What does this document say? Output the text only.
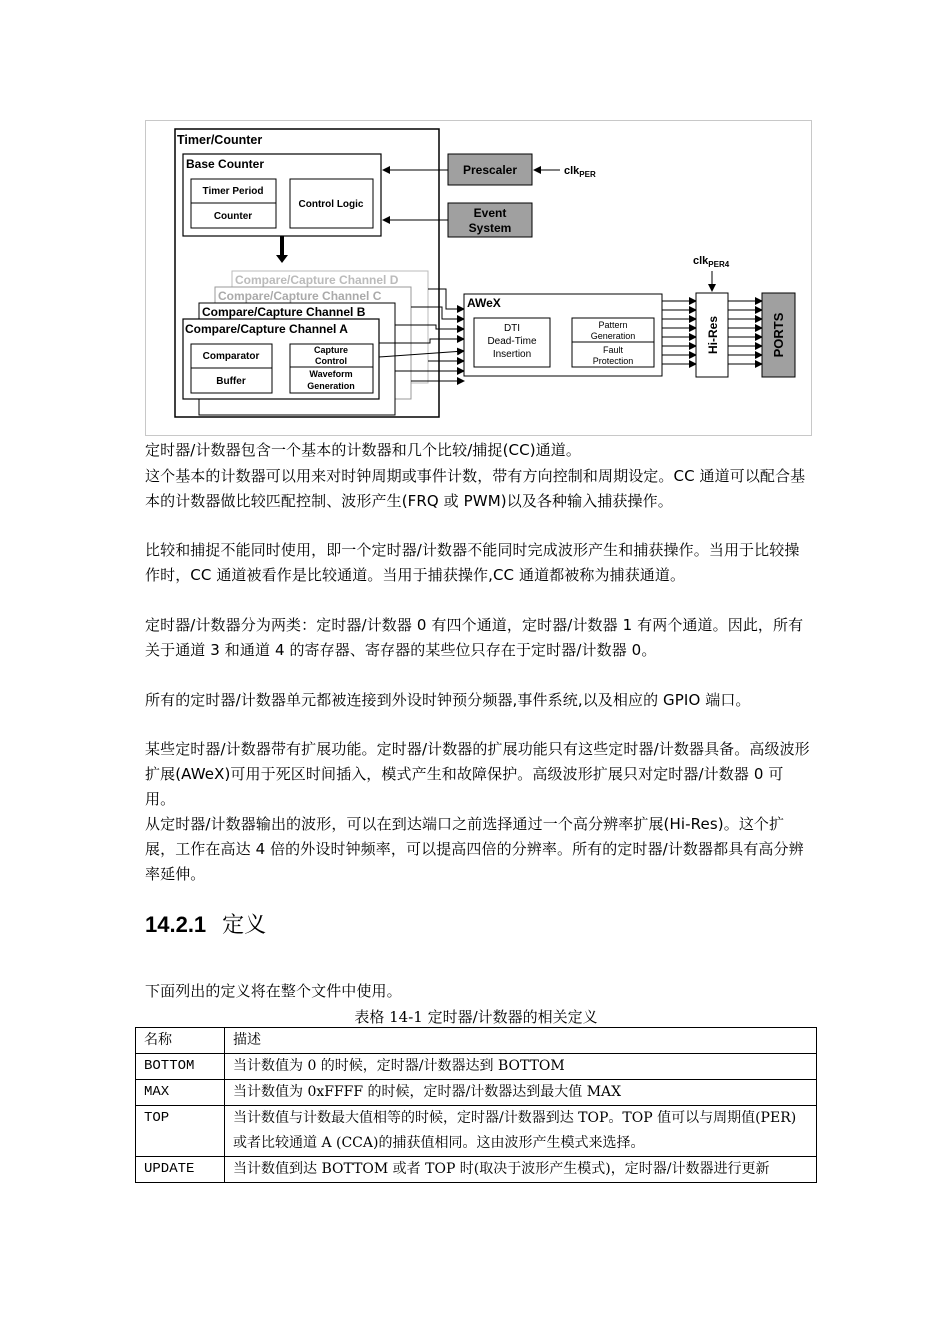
Timer/Counter
Base Counter
Timer Period
Counter
Control Logic
Prescaler	clk$_{PER}$
Event
System
Compare/Capture Channel D
Compare/Capture Channel C
Compare/Capture Channel B
Compare/Capture Channel A
Comparator
Buffer
Capture
Control
Waveform
Generation
AWeX
DTI
Dead-Time
Insertion
Pattern
Generation
Fault
Protection
clk$_{PER4}$
Hi-Res	PORTS
定时器/计数器包含一个基本的计数器和几个比较/捕捉(CC)通道。
这个基本的计数器可以用来对时钟周期或事件计数，带有方向控制和周期设定。CC 通道可以配合基本的计数器做比较匹配控制、波形产生(FRQ 或 PWM)以及各种输入捕获操作。
比较和捕捉不能同时使用，即一个定时器/计数器不能同时完成波形产生和捕获操作。当用于比较操作时，CC 通道被看作是比较通道。当用于捕获操作,CC 通道都被称为捕获通道。
定时器/计数器分为两类：定时器/计数器 0 有四个通道，定时器/计数器 1 有两个通道。因此，所有关于通道 3 和通道 4 的寄存器、寄存器的某些位只存在于定时器/计数器 0。
所有的定时器/计数器单元都被连接到外设时钟预分频器,事件系统,以及相应的 GPIO 端口。
某些定时器/计数器带有扩展功能。定时器/计数器的扩展功能只有这些定时器/计数器具备。高级波形扩展(AWeX)可用于死区时间插入，模式产生和故障保护。高级波形扩展只对定时器/计数器 0 可用。
从定时器/计数器输出的波形，可以在到达端口之前选择通过一个高分辨率扩展(Hi-Res)。这个扩展，工作在高达 4 倍的外设时钟频率，可以提高四倍的分辨率。所有的定时器/计数器都具有高分辨率延伸。
14.2.1 定义
下面列出的定义将在整个文件中使用。
表格 14-1 定时器/计数器的相关定义
名称	描述
BOTTOM	当计数值为 0 的时候，定时器/计数器达到 BOTTOM
MAX	当计数值为 0xFFFF 的时候，定时器/计数器达到最大值 MAX
TOP	当计数值与计数最大值相等的时候，定时器/计数器到达 TOP。TOP 值可以与周期值(PER)或者比较通道 A (CCA)的捕获值相同。这由波形产生模式来选择。
UPDATE	当计数值到达 BOTTOM 或者 TOP 时(取决于波形产生模式)，定时器/计数器进行更新
